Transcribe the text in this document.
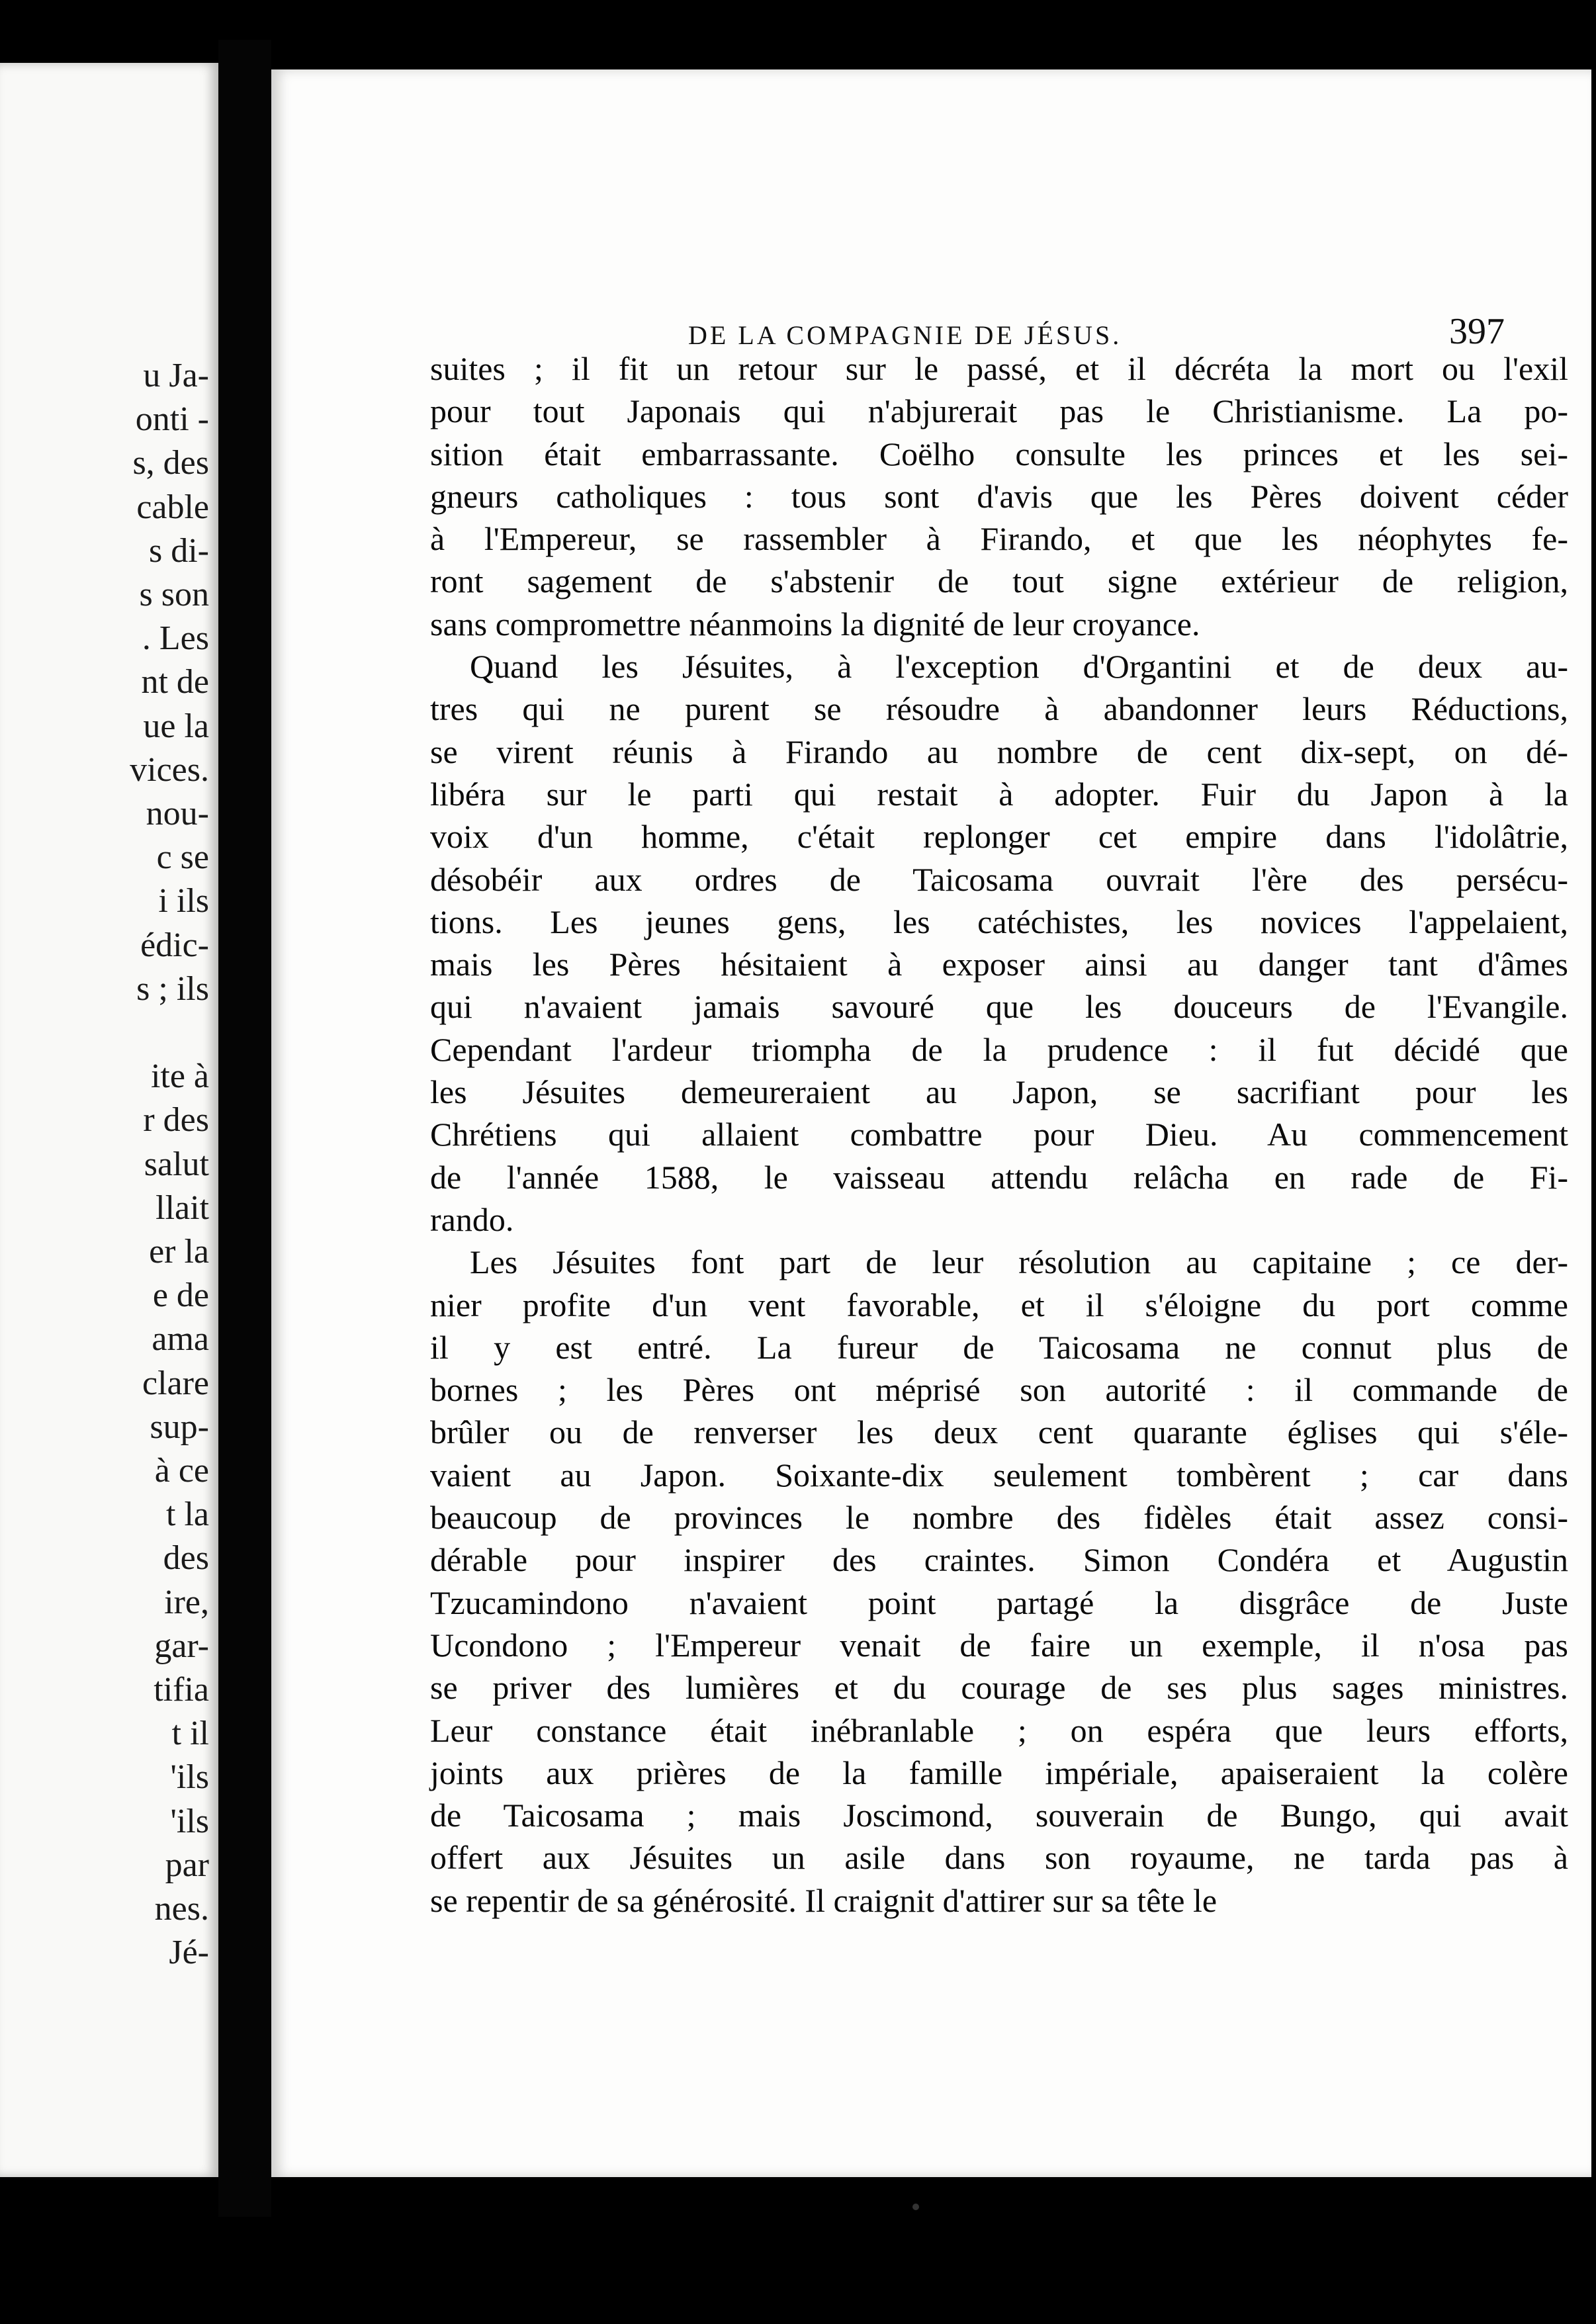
u Ja-
onti -
s, des
cable
s di-
s son
. Les
nt de
ue la
vices.
nou-
c se
i ils
édic-
s ; ils
ite à
r des
salut
llait
er la
e de
ama
clare
sup-
à ce
t la
des
ire,
gar-
tifia
t il
'ils
'ils
par
nes.
Jé-
DE LA COMPAGNIE DE JÉSUS.	397
suites ; il fit un retour sur le passé, et il décréta la mort ou l'exil
pour tout Japonais qui n'abjurerait pas le Christianisme. La po-
sition était embarrassante. Coëlho consulte les princes et les sei-
gneurs catholiques : tous sont d'avis que les Pères doivent céder
à l'Empereur, se rassembler à Firando, et que les néophytes fe-
ront sagement de s'abstenir de tout signe extérieur de religion,
sans compromettre néanmoins la dignité de leur croyance.
Quand les Jésuites, à l'exception d'Organtini et de deux au-
tres qui ne purent se résoudre à abandonner leurs Réductions,
se virent réunis à Firando au nombre de cent dix-sept, on dé-
libéra sur le parti qui restait à adopter. Fuir du Japon à la
voix d'un homme, c'était replonger cet empire dans l'idolâtrie,
désobéir aux ordres de Taicosama ouvrait l'ère des persécu-
tions. Les jeunes gens, les catéchistes, les novices l'appelaient,
mais les Pères hésitaient à exposer ainsi au danger tant d'âmes
qui n'avaient jamais savouré que les douceurs de l'Evangile.
Cependant l'ardeur triompha de la prudence : il fut décidé que
les Jésuites demeureraient au Japon, se sacrifiant pour les
Chrétiens qui allaient combattre pour Dieu. Au commencement
de l'année 1588, le vaisseau attendu relâcha en rade de Fi-
rando.
Les Jésuites font part de leur résolution au capitaine ; ce der-
nier profite d'un vent favorable, et il s'éloigne du port comme
il y est entré. La fureur de Taicosama ne connut plus de
bornes ; les Pères ont méprisé son autorité : il commande de
brûler ou de renverser les deux cent quarante églises qui s'éle-
vaient au Japon. Soixante-dix seulement tombèrent ; car dans
beaucoup de provinces le nombre des fidèles était assez consi-
dérable pour inspirer des craintes. Simon Condéra et Augustin
Tzucamindono n'avaient point partagé la disgrâce de Juste
Ucondono ; l'Empereur venait de faire un exemple, il n'osa pas
se priver des lumières et du courage de ses plus sages ministres.
Leur constance était inébranlable ; on espéra que leurs efforts,
joints aux prières de la famille impériale, apaiseraient la colère
de Taicosama ; mais Joscimond, souverain de Bungo, qui avait
offert aux Jésuites un asile dans son royaume, ne tarda pas à
se repentir de sa générosité. Il craignit d'attirer sur sa tête le
